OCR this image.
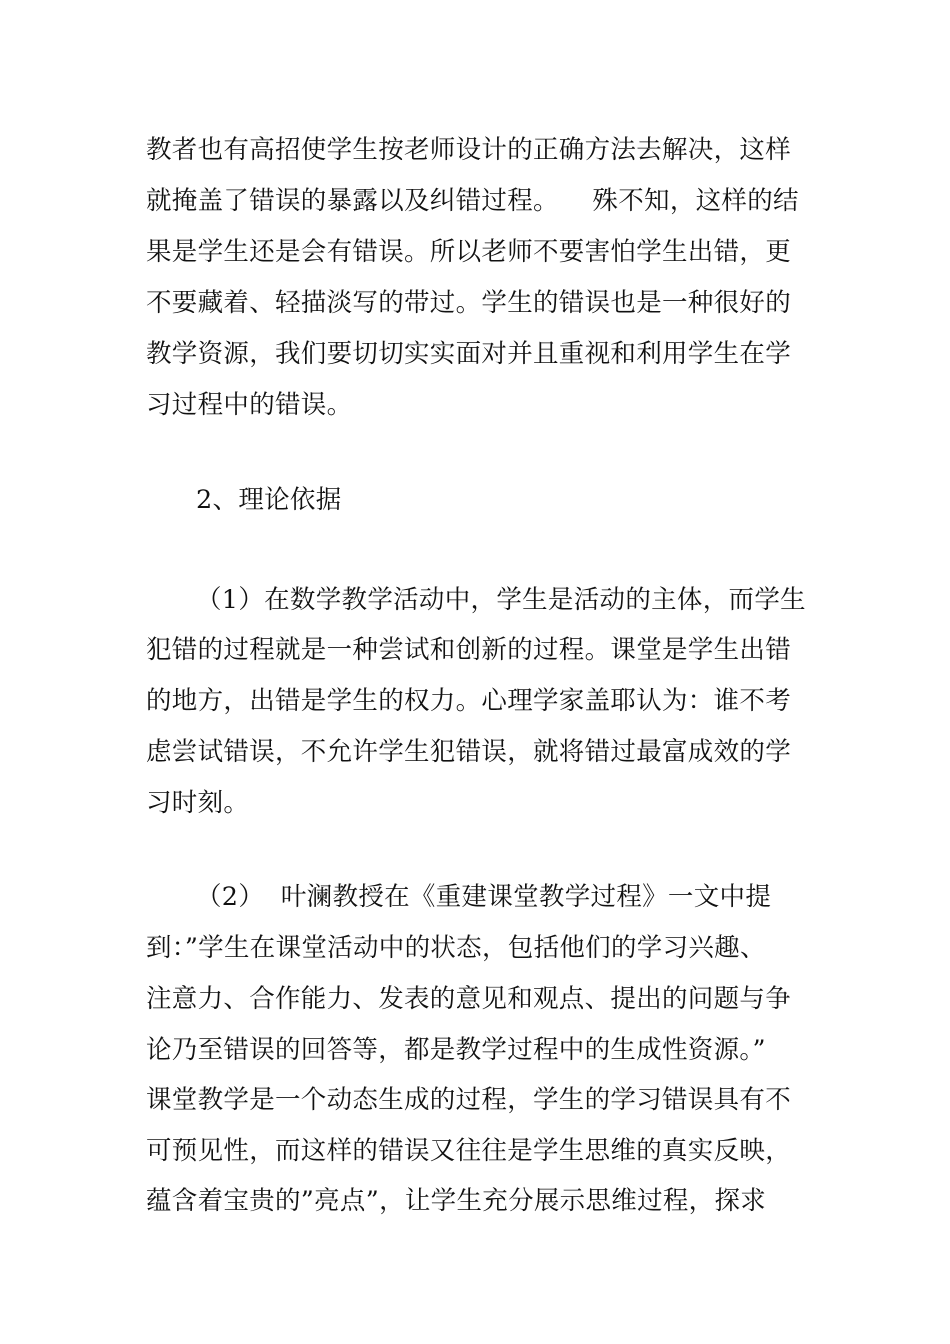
教者也有高招使学生按老师设计的正确方法去解决，这样
就掩盖了错误的暴露以及纠错过程。    殊不知，这样的结
果是学生还是会有错误。所以老师不要害怕学生出错，更
不要藏着、轻描淡写的带过。学生的错误也是一种很好的
教学资源，我们要切切实实面对并且重视和利用学生在学
习过程中的错误。
2、理论依据
（1）在数学教学活动中，学生是活动的主体，而学生
犯错的过程就是一种尝试和创新的过程。课堂是学生出错
的地方，出错是学生的权力。心理学家盖耶认为：谁不考
虑尝试错误，不允许学生犯错误，就将错过最富成效的学
习时刻。
（2）  叶澜教授在《重建课堂教学过程》一文中提
到：”学生在课堂活动中的状态，包括他们的学习兴趣、
注意力、合作能力、发表的意见和观点、提出的问题与争
论乃至错误的回答等，都是教学过程中的生成性资源。”
课堂教学是一个动态生成的过程，学生的学习错误具有不
可预见性，而这样的错误又往往是学生思维的真实反映，
蕴含着宝贵的”亮点”，让学生充分展示思维过程，探求
